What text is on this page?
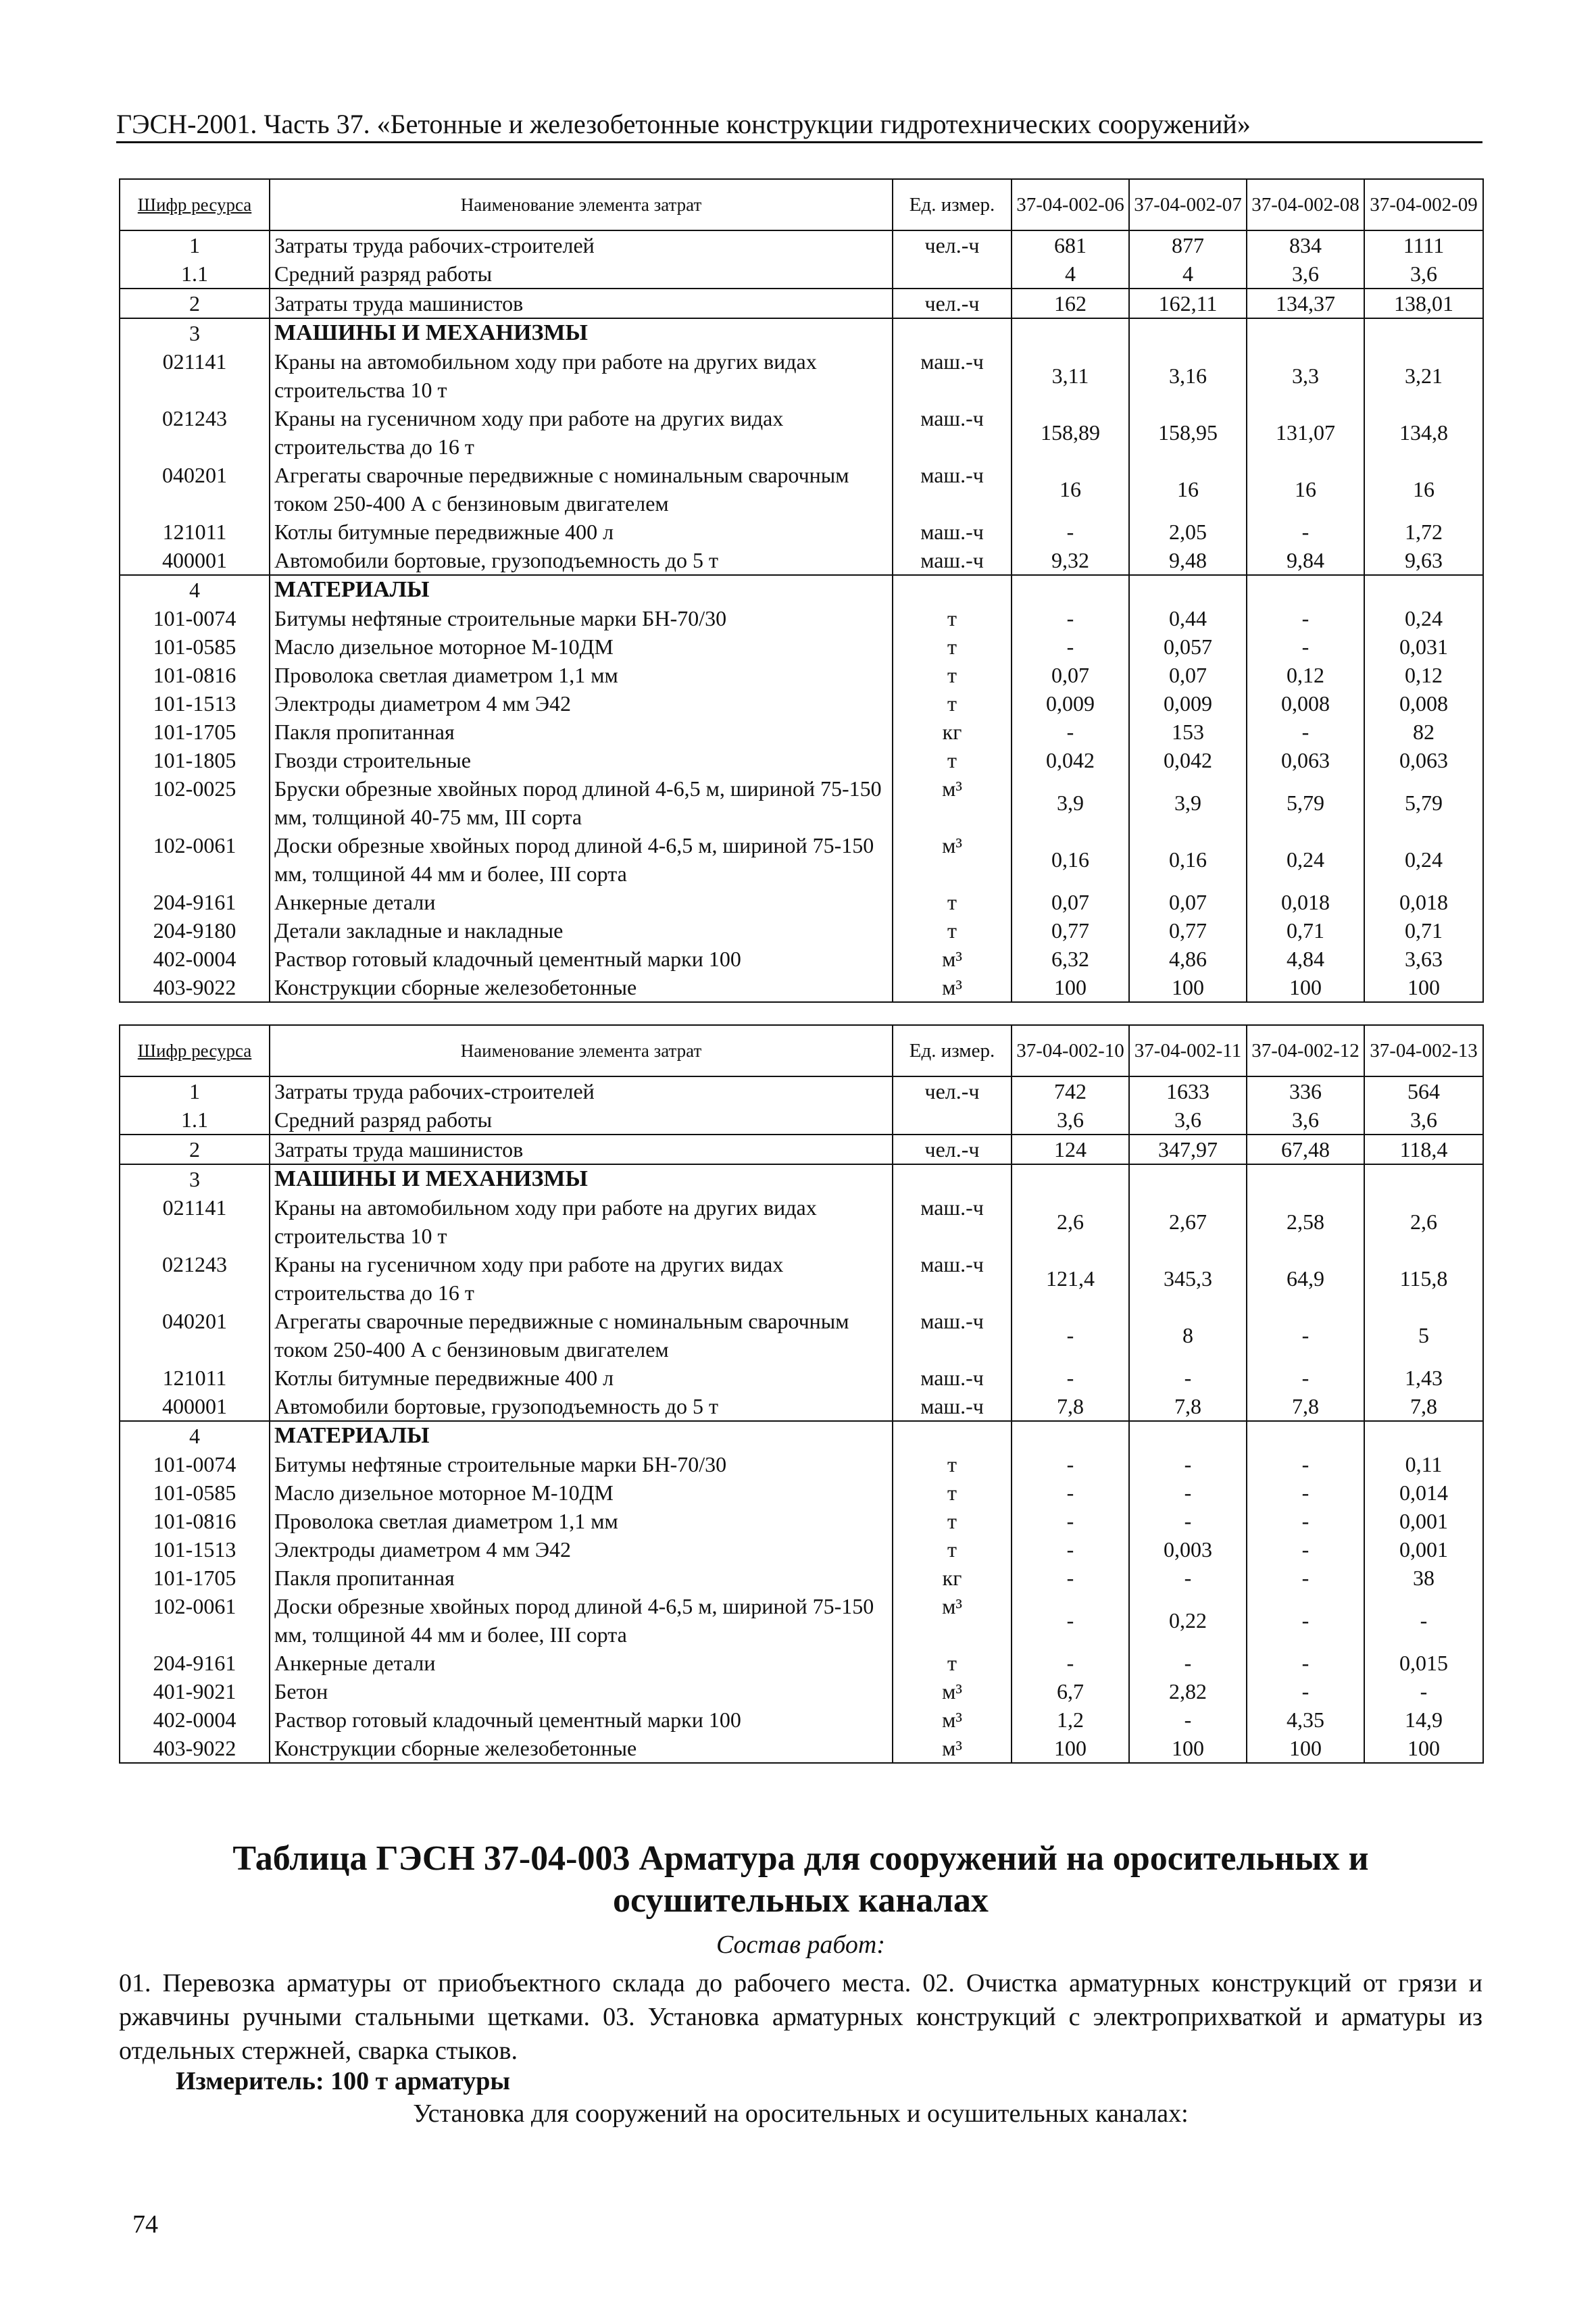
ГЭСН-2001. Часть 37. «Бетонные и железобетонные конструкции гидротехнических сооружений»
Шифр ресурса	Наименование элемента затрат	Ед. измер.	37-04-002-06	37-04-002-07	37-04-002-08	37-04-002-09
1	Затраты труда рабочих-строителей	чел.-ч	681	877	834	1111
1.1	Средний разряд работы		4	4	3,6	3,6
2	Затраты труда машинистов	чел.-ч	162	162,11	134,37	138,01
3	МАШИНЫ И МЕХАНИЗМЫ					
021141	Краны на автомобильном ходу при работе на других видах строительства 10 т	маш.-ч	3,11	3,16	3,3	3,21
021243	Краны на гусеничном ходу при работе на других видах строительства до 16 т	маш.-ч	158,89	158,95	131,07	134,8
040201	Агрегаты сварочные передвижные с номинальным сварочным током 250-400 А с бензиновым двигателем	маш.-ч	16	16	16	16
121011	Котлы битумные передвижные 400 л	маш.-ч	-	2,05	-	1,72
400001	Автомобили бортовые, грузоподъемность до 5 т	маш.-ч	9,32	9,48	9,84	9,63
4	МАТЕРИАЛЫ					
101-0074	Битумы нефтяные строительные марки БН-70/30	т	-	0,44	-	0,24
101-0585	Масло дизельное моторное М-10ДМ	т	-	0,057	-	0,031
101-0816	Проволока светлая диаметром 1,1 мм	т	0,07	0,07	0,12	0,12
101-1513	Электроды диаметром 4 мм Э42	т	0,009	0,009	0,008	0,008
101-1705	Пакля пропитанная	кг	-	153	-	82
101-1805	Гвозди строительные	т	0,042	0,042	0,063	0,063
102-0025	Бруски обрезные хвойных пород длиной 4-6,5 м, шириной 75-150 мм, толщиной 40-75 мм, III сорта	м³	3,9	3,9	5,79	5,79
102-0061	Доски обрезные хвойных пород длиной 4-6,5 м, шириной 75-150 мм, толщиной 44 мм и более, III сорта	м³	0,16	0,16	0,24	0,24
204-9161	Анкерные детали	т	0,07	0,07	0,018	0,018
204-9180	Детали закладные и накладные	т	0,77	0,77	0,71	0,71
402-0004	Раствор готовый кладочный цементный марки 100	м³	6,32	4,86	4,84	3,63
403-9022	Конструкции сборные железобетонные	м³	100	100	100	100
Шифр ресурса	Наименование элемента затрат	Ед. измер.	37-04-002-10	37-04-002-11	37-04-002-12	37-04-002-13
1	Затраты труда рабочих-строителей	чел.-ч	742	1633	336	564
1.1	Средний разряд работы		3,6	3,6	3,6	3,6
2	Затраты труда машинистов	чел.-ч	124	347,97	67,48	118,4
3	МАШИНЫ И МЕХАНИЗМЫ					
021141	Краны на автомобильном ходу при работе на других видах строительства 10 т	маш.-ч	2,6	2,67	2,58	2,6
021243	Краны на гусеничном ходу при работе на других видах строительства до 16 т	маш.-ч	121,4	345,3	64,9	115,8
040201	Агрегаты сварочные передвижные с номинальным сварочным током 250-400 А с бензиновым двигателем	маш.-ч	-	8	-	5
121011	Котлы битумные передвижные 400 л	маш.-ч	-	-	-	1,43
400001	Автомобили бортовые, грузоподъемность до 5 т	маш.-ч	7,8	7,8	7,8	7,8
4	МАТЕРИАЛЫ					
101-0074	Битумы нефтяные строительные марки БН-70/30	т	-	-	-	0,11
101-0585	Масло дизельное моторное М-10ДМ	т	-	-	-	0,014
101-0816	Проволока светлая диаметром 1,1 мм	т	-	-	-	0,001
101-1513	Электроды диаметром 4 мм Э42	т	-	0,003	-	0,001
101-1705	Пакля пропитанная	кг	-	-	-	38
102-0061	Доски обрезные хвойных пород длиной 4-6,5 м, шириной 75-150 мм, толщиной 44 мм и более, III сорта	м³	-	0,22	-	-
204-9161	Анкерные детали	т	-	-	-	0,015
401-9021	Бетон	м³	6,7	2,82	-	-
402-0004	Раствор готовый кладочный цементный марки 100	м³	1,2	-	4,35	14,9
403-9022	Конструкции сборные железобетонные	м³	100	100	100	100
Таблица ГЭСН 37-04-003 Арматура для сооружений на оросительных и осушительных каналах
Состав работ:
01. Перевозка арматуры от приобъектного склада до рабочего места. 02. Очистка арматурных конструкций от грязи и ржавчины ручными стальными щетками. 03. Установка арматурных конструкций с электроприхваткой и арматуры из отдельных стержней, сварка стыков.
Измеритель: 100 т арматуры
Установка для сооружений на оросительных и осушительных каналах:
74
